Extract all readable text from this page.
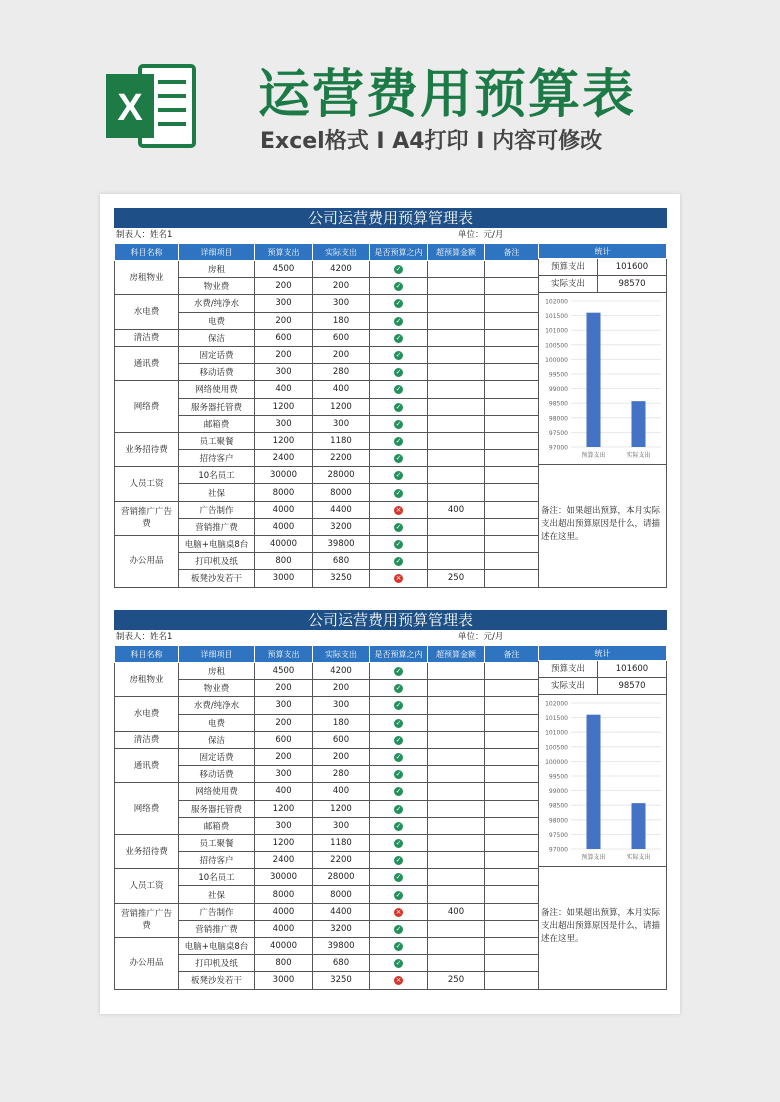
X 运营费用预算表
Excel格式 I A4打印 I 内容可修改
公司运营费用预算管理表
制表人：姓名1	单位：元/月
科目名称	详细项目	预算支出	实际支出	是否预算之内	超预算金额	备注
房租物业	房租	4500	4200	✓		
	物业费	200	200	✓		
水电费	水费/纯净水	300	300	✓		
	电费	200	180	✓		
清洁费	保洁	600	600	✓		
通讯费	固定话费	200	200	✓		
	移动话费	300	280	✓		
网络费	网络使用费	400	400	✓		
	服务器托管费	1200	1200	✓		
	邮箱费	300	300	✓		
业务招待费	员工聚餐	1200	1180	✓		
	招待客户	2400	2200	✓		
人员工资	10名员工	30000	28000	✓		
	社保	8000	8000	✓		
营销推广广告费	广告制作	4000	4400	×	400	
	营销推广费	4000	3200	✓		
办公用品	电脑+电脑桌8台	40000	39800	✓		
	打印机及纸	800	680	✓		
	板凳沙发若干	3000	3250	×	250	
统计
预算支出	101600
实际支出	98570
102000
101500
101000
100500
100000
99500
99000
98500
98000
97500
97000
预算支出	实际支出
备注：如果超出预算，本月实际支出超出预算原因是什么，请描述在这里。
公司运营费用预算管理表
制表人：姓名1	单位：元/月
科目名称	详细项目	预算支出	实际支出	是否预算之内	超预算金额	备注
房租物业	房租	4500	4200	✓		
	物业费	200	200	✓		
水电费	水费/纯净水	300	300	✓		
	电费	200	180	✓		
清洁费	保洁	600	600	✓		
通讯费	固定话费	200	200	✓		
	移动话费	300	280	✓		
网络费	网络使用费	400	400	✓		
	服务器托管费	1200	1200	✓		
	邮箱费	300	300	✓		
业务招待费	员工聚餐	1200	1180	✓		
	招待客户	2400	2200	✓		
人员工资	10名员工	30000	28000	✓		
	社保	8000	8000	✓		
营销推广广告费	广告制作	4000	4400	×	400	
	营销推广费	4000	3200	✓		
办公用品	电脑+电脑桌8台	40000	39800	✓		
	打印机及纸	800	680	✓		
	板凳沙发若干	3000	3250	×	250	
统计
预算支出	101600
实际支出	98570
102000
101500
101000
100500
100000
99500
99000
98500
98000
97500
97000
预算支出	实际支出
备注：如果超出预算，本月实际支出超出预算原因是什么，请描述在这里。
